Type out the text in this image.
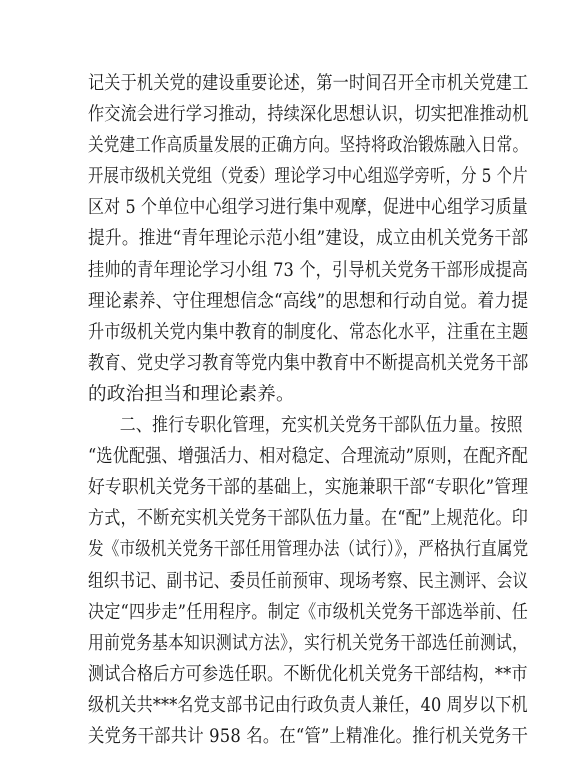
记关于机关党的建设重要论述，第一时间召开全市机关党建工
作交流会进行学习推动，持续深化思想认识，切实把准推动机
关党建工作高质量发展的正确方向。坚持将政治锻炼融入日常。
开展市级机关党组（党委）理论学习中心组巡学旁听，分 5 个片
区对 5 个单位中心组学习进行集中观摩，促进中心组学习质量
提升。推进“青年理论示范小组”建设，成立由机关党务干部
挂帅的青年理论学习小组 73 个，引导机关党务干部形成提高
理论素养、守住理想信念“高线”的思想和行动自觉。着力提
升市级机关党内集中教育的制度化、常态化水平，注重在主题
教育、党史学习教育等党内集中教育中不断提高机关党务干部
的政治担当和理论素养。
二、推行专职化管理，充实机关党务干部队伍力量。按照
“选优配强、增强活力、相对稳定、合理流动”原则，在配齐配
好专职机关党务干部的基础上，实施兼职干部“专职化”管理
方式，不断充实机关党务干部队伍力量。在“配”上规范化。印
发《市级机关党务干部任用管理办法（试行）》，严格执行直属党
组织书记、副书记、委员任前预审、现场考察、民主测评、会议
决定“四步走”任用程序。制定《市级机关党务干部选举前、任
用前党务基本知识测试方法》，实行机关党务干部选任前测试，
测试合格后方可参选任职。不断优化机关党务干部结构，**市
级机关共***名党支部书记由行政负责人兼任，40 周岁以下机
关党务干部共计 958 名。在“管”上精准化。推行机关党务干
